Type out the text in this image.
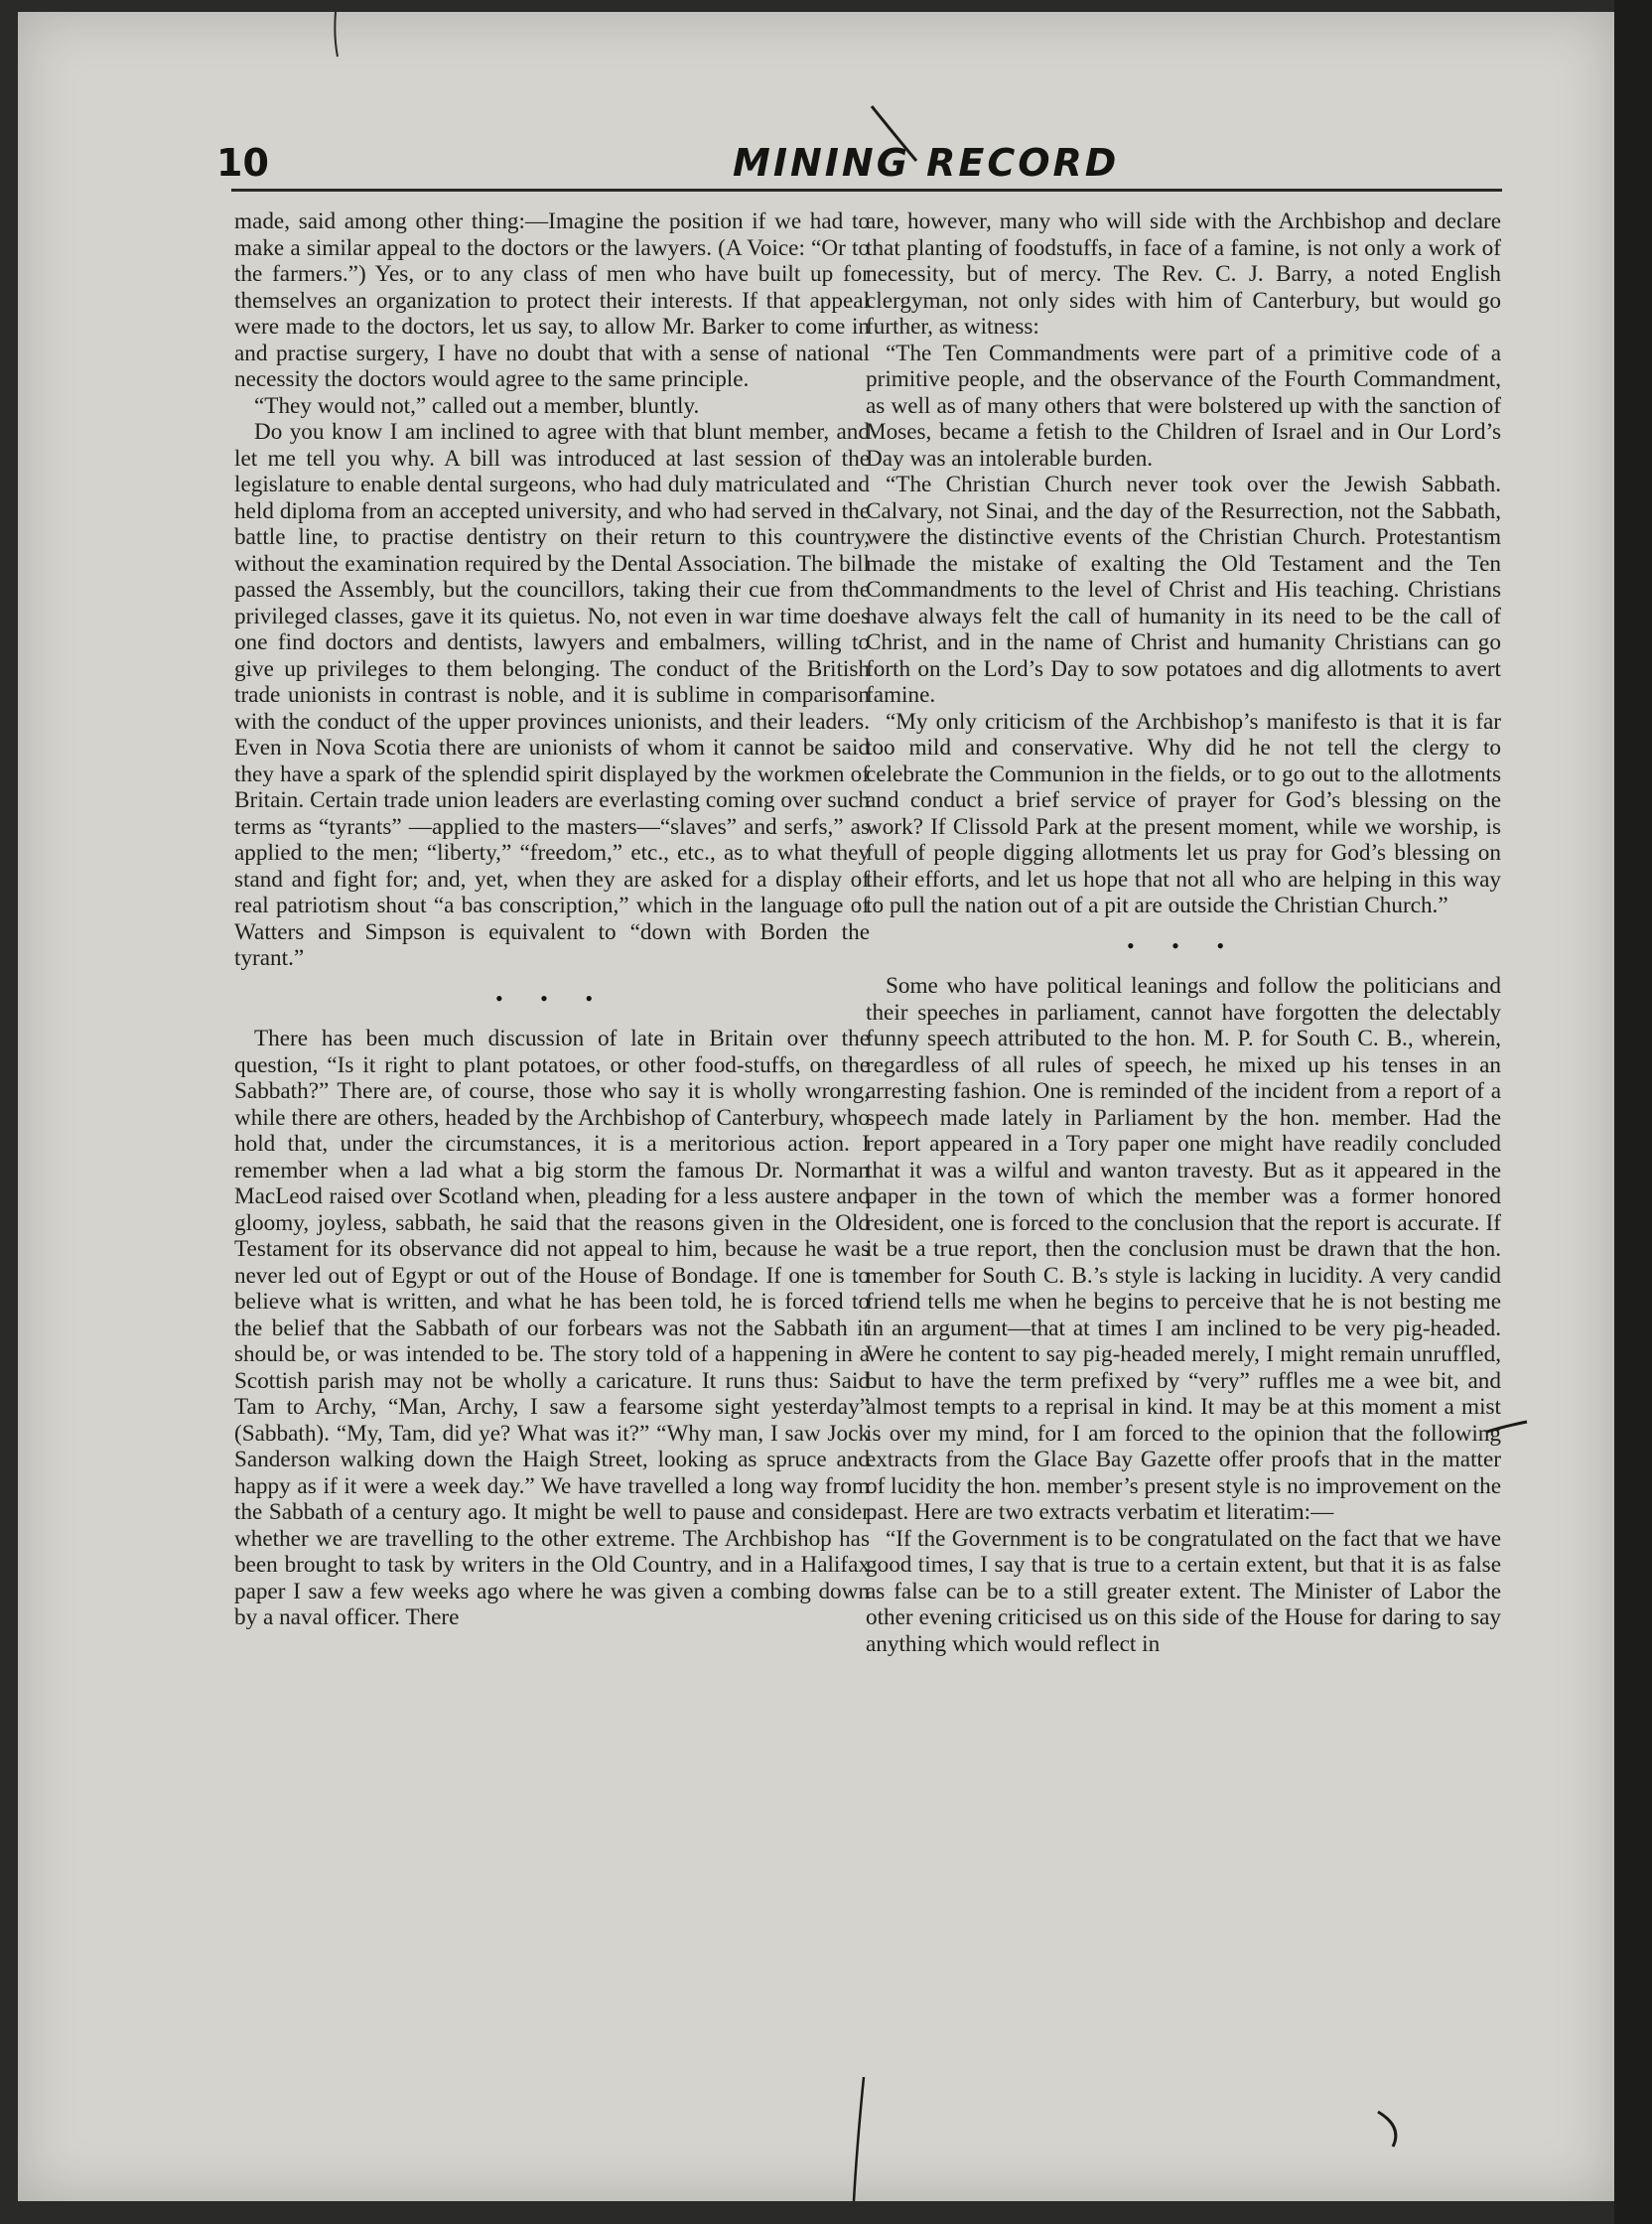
10	MINING RECORD

made, said among other thing:—Imagine the position if we had to make a similar appeal to the doctors or the lawyers. (A Voice: “Or to the farmers.”) Yes, or to any class of men who have built up for themselves an organization to protect their interests. If that appeal were made to the doctors, let us say, to allow Mr. Barker to come in and practise surgery, I have no doubt that with a sense of national necessity the doctors would agree to the same principle.

“They would not,” called out a member, bluntly.

Do you know I am inclined to agree with that blunt member, and let me tell you why. A bill was introduced at last session of the legislature to enable dental surgeons, who had duly matriculated and held diploma from an accepted university, and who had served in the battle line, to practise dentistry on their return to this country, without the examination required by the Dental Association. The bill passed the Assembly, but the councillors, taking their cue from the privileged classes, gave it its quietus. No, not even in war time does one find doctors and dentists, lawyers and embalmers, willing to give up privileges to them belonging. The conduct of the British trade unionists in contrast is noble, and it is sublime in comparison with the conduct of the upper provinces unionists, and their leaders. Even in Nova Scotia there are unionists of whom it cannot be said they have a spark of the splendid spirit displayed by the workmen of Britain. Certain trade union leaders are everlasting coming over such terms as “tyrants” —applied to the masters—“slaves” and serfs,” as applied to the men; “liberty,” “freedom,” etc., etc., as to what they stand and fight for; and, yet, when they are asked for a display of real patriotism shout “a bas conscription,” which in the language of Watters and Simpson is equivalent to “down with Borden the tyrant.”

• • •

There has been much discussion of late in Britain over the question, “Is it right to plant potatoes, or other food-stuffs, on the Sabbath?” There are, of course, those who say it is wholly wrong, while there are others, headed by the Archbishop of Canterbury, who hold that, under the circumstances, it is a meritorious action. I remember when a lad what a big storm the famous Dr. Norman MacLeod raised over Scotland when, pleading for a less austere and gloomy, joyless, sabbath, he said that the reasons given in the Old Testament for its observance did not appeal to him, because he was never led out of Egypt or out of the House of Bondage. If one is to believe what is written, and what he has been told, he is forced to the belief that the Sabbath of our forbears was not the Sabbath it should be, or was intended to be. The story told of a happening in a Scottish parish may not be wholly a caricature. It runs thus: Said Tam to Archy, “Man, Archy, I saw a fearsome sight yesterday” (Sabbath). “My, Tam, did ye? What was it?” “Why man, I saw Jock Sanderson walking down the Haigh Street, looking as spruce and happy as if it were a week day.” We have travelled a long way from the Sabbath of a century ago. It might be well to pause and consider whether we are travelling to the other extreme. The Archbishop has been brought to task by writers in the Old Country, and in a Halifax paper I saw a few weeks ago where he was given a combing down by a naval officer. There

are, however, many who will side with the Archbishop and declare that planting of foodstuffs, in face of a famine, is not only a work of necessity, but of mercy. The Rev. C. J. Barry, a noted English clergyman, not only sides with him of Canterbury, but would go further, as witness:

“The Ten Commandments were part of a primitive code of a primitive people, and the observance of the Fourth Commandment, as well as of many others that were bolstered up with the sanction of Moses, became a fetish to the Children of Israel and in Our Lord’s Day was an intolerable burden.

“The Christian Church never took over the Jewish Sabbath. Calvary, not Sinai, and the day of the Resurrection, not the Sabbath, were the distinctive events of the Christian Church. Protestantism made the mistake of exalting the Old Testament and the Ten Commandments to the level of Christ and His teaching. Christians have always felt the call of humanity in its need to be the call of Christ, and in the name of Christ and humanity Christians can go forth on the Lord’s Day to sow potatoes and dig allotments to avert famine.

“My only criticism of the Archbishop’s manifesto is that it is far too mild and conservative. Why did he not tell the clergy to celebrate the Communion in the fields, or to go out to the allotments and conduct a brief service of prayer for God’s blessing on the work? If Clissold Park at the present moment, while we worship, is full of people digging allotments let us pray for God’s blessing on their efforts, and let us hope that not all who are helping in this way to pull the nation out of a pit are outside the Christian Church.”

• • •

Some who have political leanings and follow the politicians and their speeches in parliament, cannot have forgotten the delectably funny speech attributed to the hon. M. P. for South C. B., wherein, regardless of all rules of speech, he mixed up his tenses in an arresting fashion. One is reminded of the incident from a report of a speech made lately in Parliament by the hon. member. Had the report appeared in a Tory paper one might have readily concluded that it was a wilful and wanton travesty. But as it appeared in the paper in the town of which the member was a former honored resident, one is forced to the conclusion that the report is accurate. If it be a true report, then the conclusion must be drawn that the hon. member for South C. B.’s style is lacking in lucidity. A very candid friend tells me when he begins to perceive that he is not besting me in an argument—that at times I am inclined to be very pig-headed. Were he content to say pig-headed merely, I might remain unruffled, but to have the term prefixed by “very” ruffles me a wee bit, and almost tempts to a reprisal in kind. It may be at this moment a mist is over my mind, for I am forced to the opinion that the following extracts from the Glace Bay Gazette offer proofs that in the matter of lucidity the hon. member’s present style is no improvement on the past. Here are two extracts verbatim et literatim:—

“If the Government is to be congratulated on the fact that we have good times, I say that is true to a certain extent, but that it is as false as false can be to a still greater extent. The Minister of Labor the other evening criticised us on this side of the House for daring to say anything which would reflect in
